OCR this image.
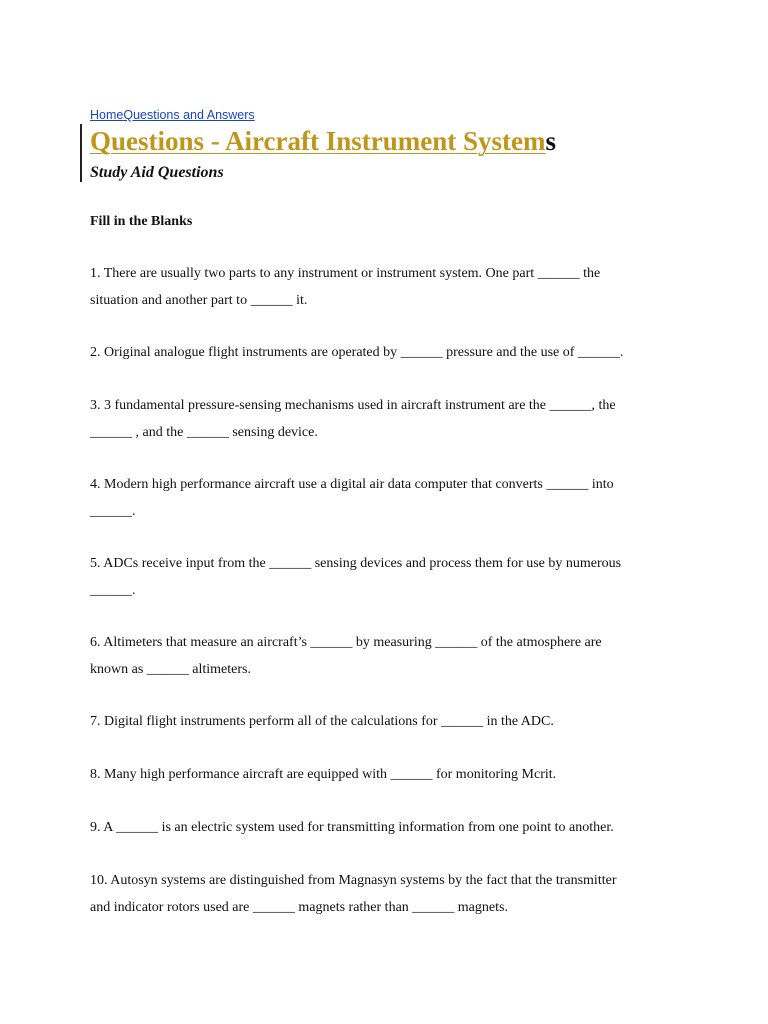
HomeQuestions and Answers
Questions - Aircraft Instrument Systems
Study Aid Questions
Fill in the Blanks

1. There are usually two parts to any instrument or instrument system. One part ______ the
situation and another part to ______ it.

2. Original analogue flight instruments are operated by ______ pressure and the use of ______.

3. 3 fundamental pressure-sensing mechanisms used in aircraft instrument are the ______, the
______ , and the ______ sensing device.

4. Modern high performance aircraft use a digital air data computer that converts ______ into
______.

5. ADCs receive input from the ______ sensing devices and process them for use by numerous
______.

6. Altimeters that measure an aircraft’s ______ by measuring ______ of the atmosphere are
known as ______ altimeters.

7. Digital flight instruments perform all of the calculations for ______ in the ADC.

8. Many high performance aircraft are equipped with ______ for monitoring Mcrit.

9. A ______ is an electric system used for transmitting information from one point to another.

10. Autosyn systems are distinguished from Magnasyn systems by the fact that the transmitter
and indicator rotors used are ______ magnets rather than ______ magnets.
